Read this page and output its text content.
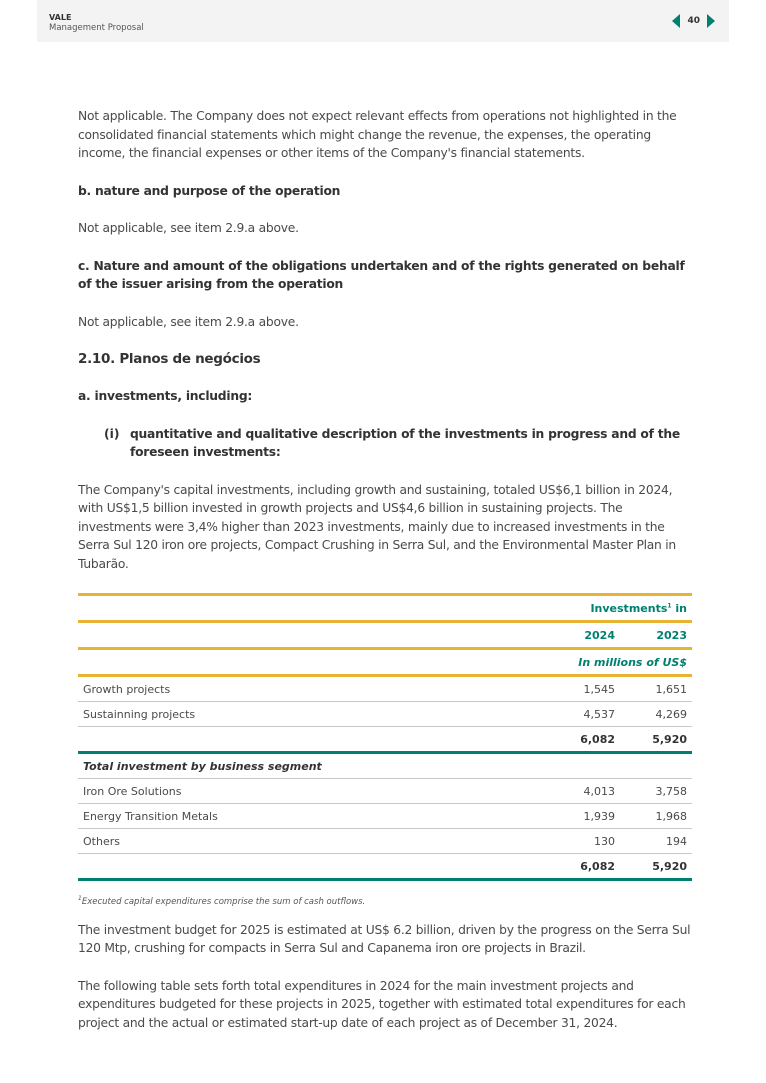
VALE
Management Proposal
40

Not applicable. The Company does not expect relevant effects from operations not highlighted in the consolidated financial statements which might change the revenue, the expenses, the operating income, the financial expenses or other items of the Company's financial statements.

b. nature and purpose of the operation

Not applicable, see item 2.9.a above.

c. Nature and amount of the obligations undertaken and of the rights generated on behalf of the issuer arising from the operation

Not applicable, see item 2.9.a above.

2.10. Planos de negócios
a. investments, including:
(i) quantitative and qualitative description of the investments in progress and of the foreseen investments:

The Company's capital investments, including growth and sustaining, totaled US$6,1 billion in 2024, with US$1,5 billion invested in growth projects and US$4,6 billion in sustaining projects. The investments were 3,4% higher than 2023 investments, mainly due to increased investments in the Serra Sul 120 iron ore projects, Compact Crushing in Serra Sul, and the Environmental Master Plan in Tubarão.

	Investments$^1$ in	
	2024	2023
	In millions of US$	
Growth projects	1,545	1,651
Sustainning projects	4,537	4,269
	6,082	5,920
Total investment by business segment		
Iron Ore Solutions	4,013	3,758
Energy Transition Metals	1,939	1,968
Others	130	194
	6,082	5,920
$^1$Executed capital expenditures comprise the sum of cash outflows.

The investment budget for 2025 is estimated at US$ 6.2 billion, driven by the progress on the Serra Sul 120 Mtp, crushing for compacts in Serra Sul and Capanema iron ore projects in Brazil.

The following table sets forth total expenditures in 2024 for the main investment projects and expenditures budgeted for these projects in 2025, together with estimated total expenditures for each project and the actual or estimated start-up date of each project as of December 31, 2024.
